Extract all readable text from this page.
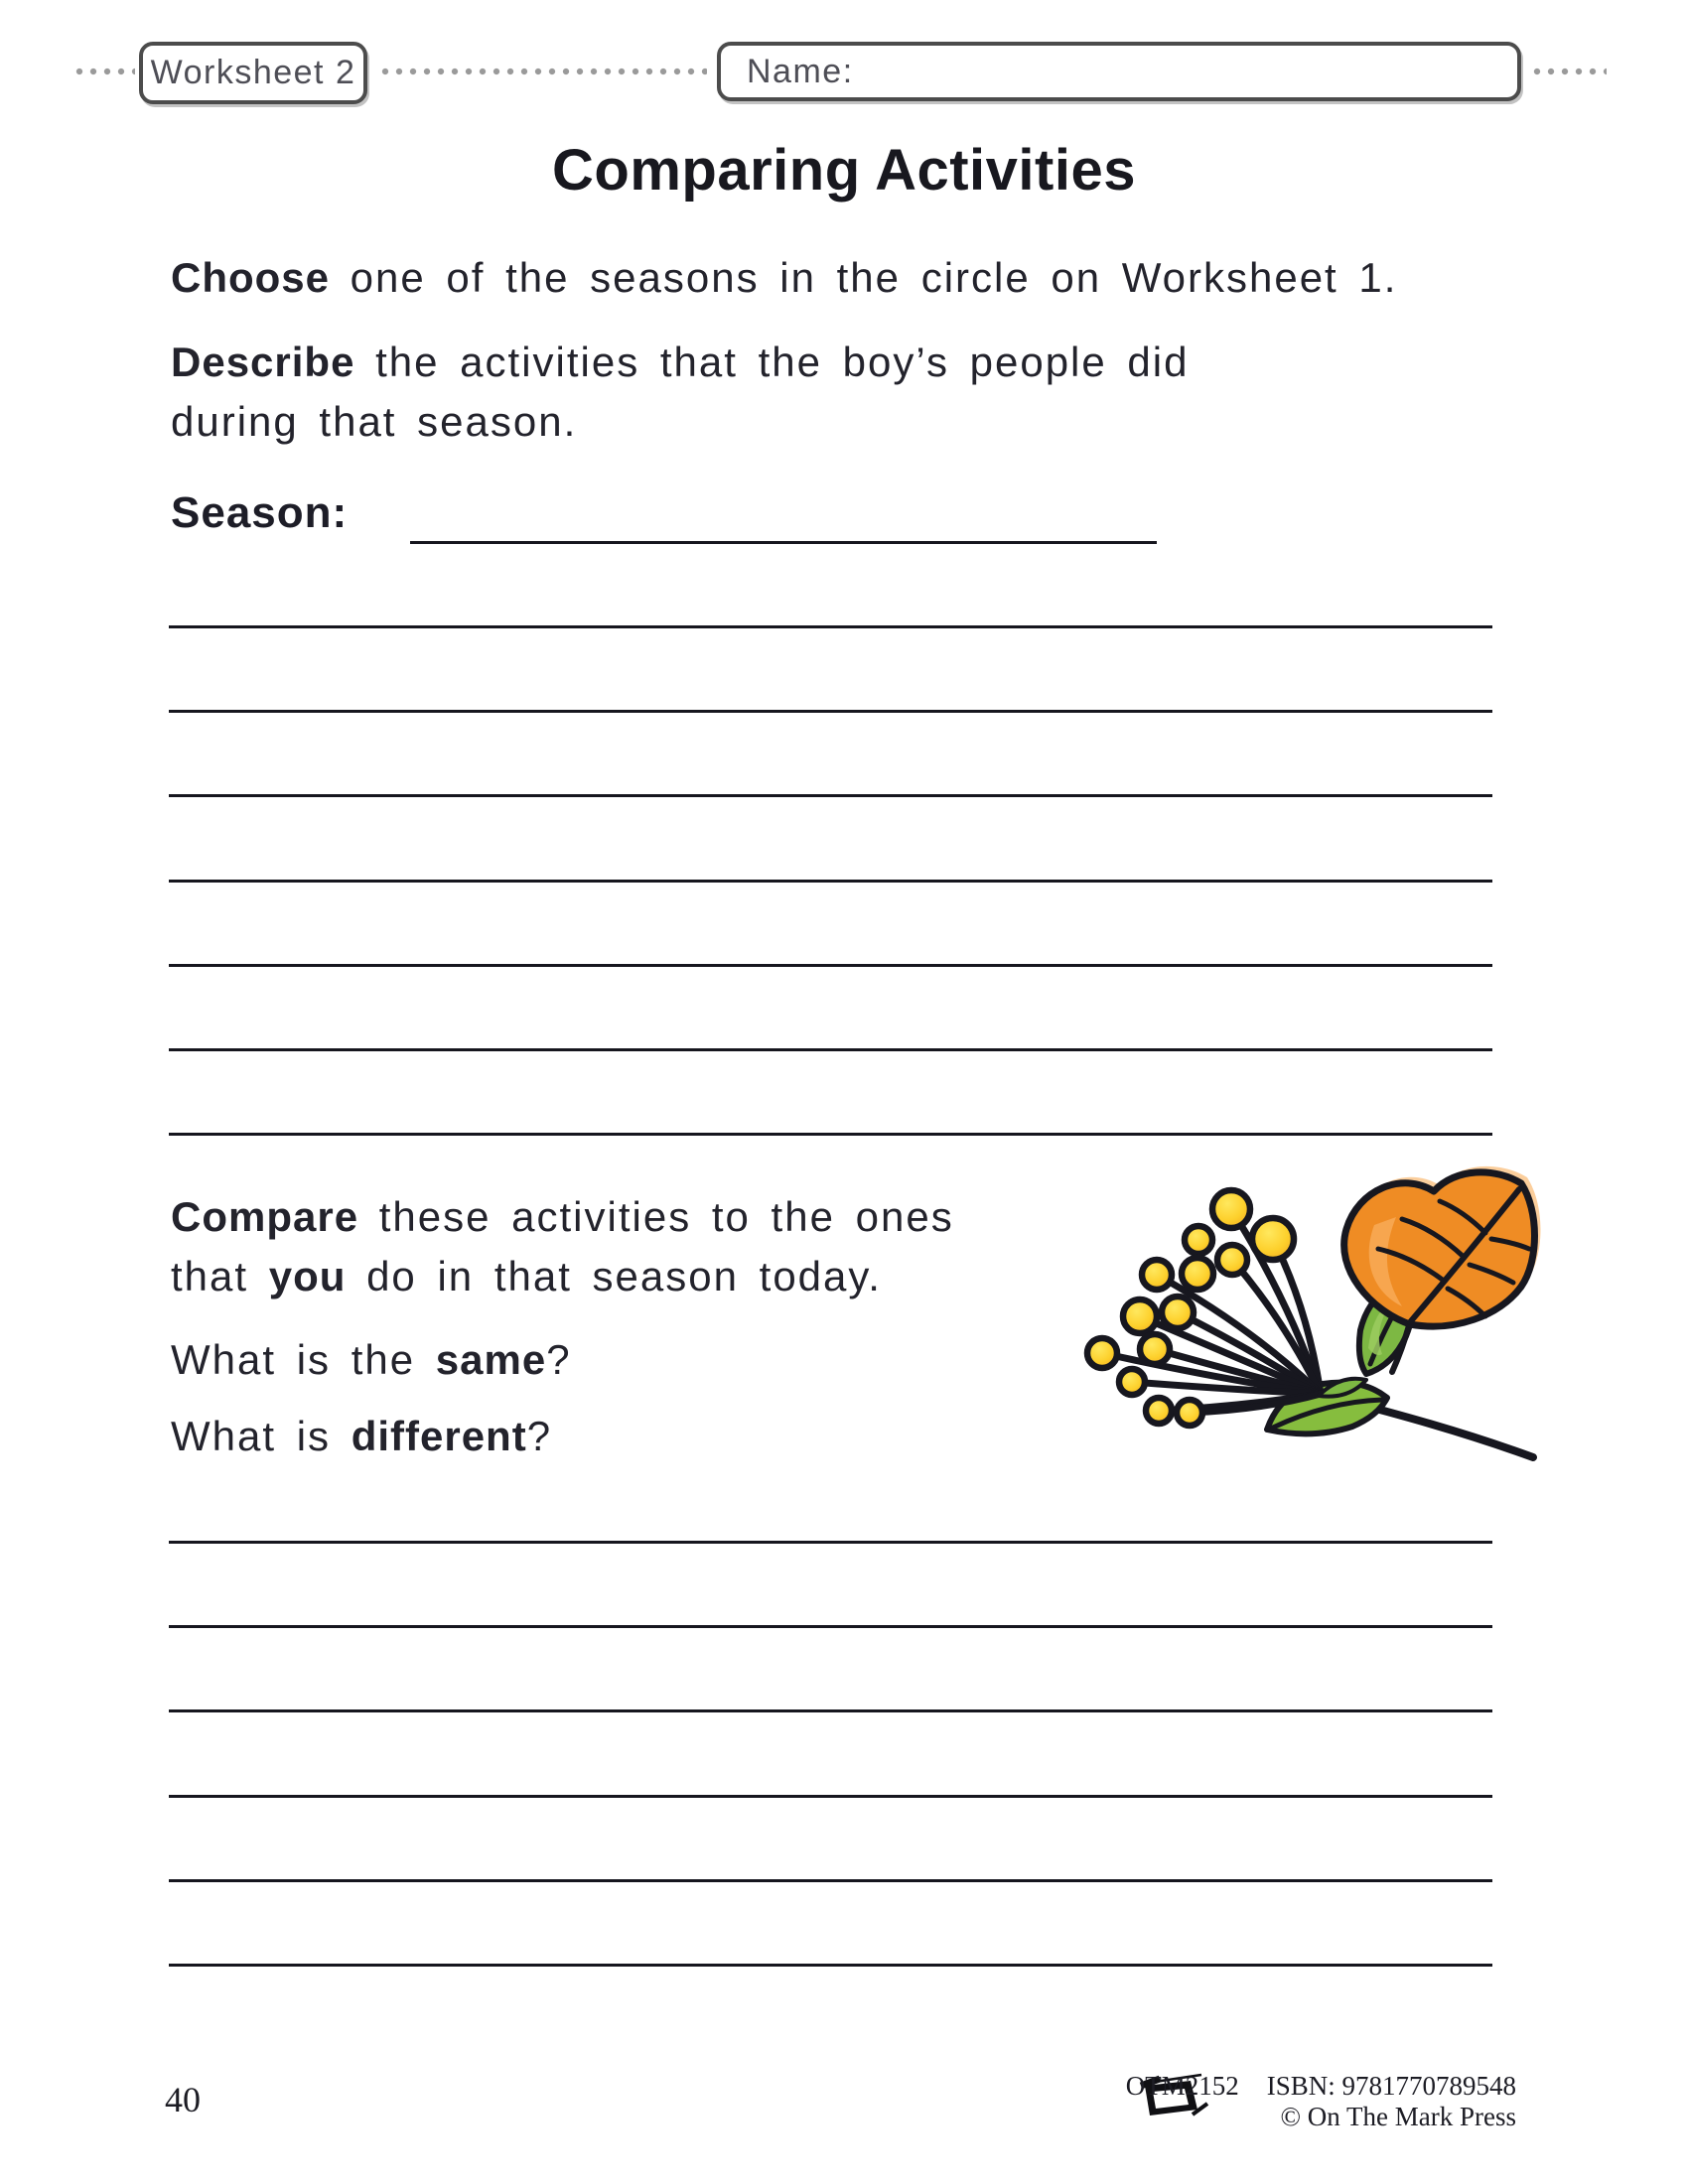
Worksheet 2	Name:
Comparing Activities
Choose one of the seasons in the circle on Worksheet 1.
Describe the activities that the boy’s people did
during that season.
Season:
Compare these activities to the ones
that you do in that season today.
What is the same?
What is different?
40	OTM2152 ISBN: 9781770789548
© On The Mark Press
